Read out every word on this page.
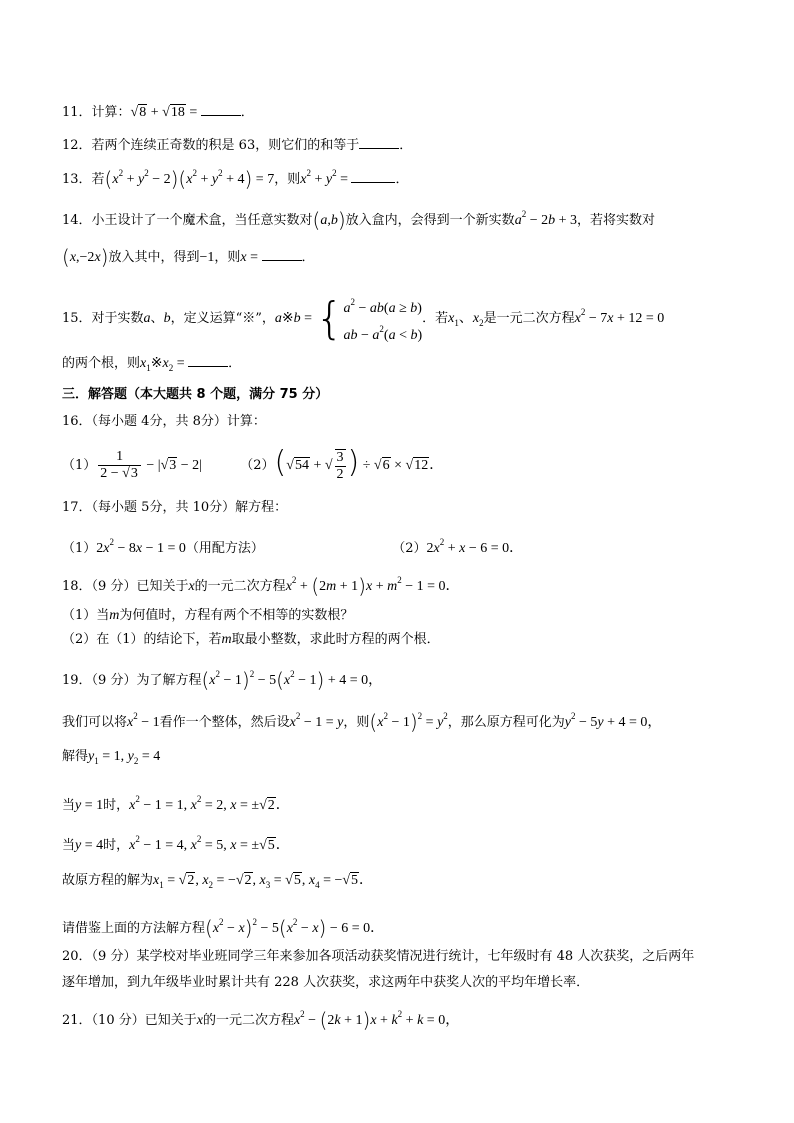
11．计算：√8 + √18 =	．
12．若两个连续正奇数的积是 63，则它们的和等于	．
13．若$(x^2 + y^2 - 2)(x^2 + y^2 + 4) = 7$，则$x^2 + y^2$ =	．
14．小王设计了一个魔术盒，当任意实数对(a,b)放入盒内，会得到一个新实数$a^2 - 2b + 3$，若将实数对
(x,−2x)放入其中，得到−1，则x =	．
15．对于实数a、b，定义运算“※”，a※b = { $a^2 - ab(a \ge b)$
ab − $a^2(a < b)$
．若$x_1$、$x_2$是一元二次方程$x^2 - 7x + 12 = 0$
的两个根，则$x_1※x_2$ =	．
三．解答题（本大题共 8 个题，满分 75 分）
16．（每小题 4分，共 8分）计算：
$(1) \frac{1}{2 - √3} - |√3 - 2|$	（2）(√54 + √ $\frac{3}{2}$ ) ÷ √6 × √12．
17．（每小题 5分，共 10分）解方程：
$(1)2x^2 - 8x - 1 = 0$（用配方法）	$(2)2x^2 + x - 6 = 0$．
18．（9 分）已知关于x的一元二次方程$x^2 + (2m + 1)x + m^2 - 1 = 0$．
（1）当m为何值时，方程有两个不相等的实数根？
（2）在（1）的结论下，若m取最小整数，求此时方程的两个根．
19．（9 分）为了解方程$(x^2 - 1)^2 - 5(x^2 - 1) + 4 = 0$，
我们可以将$x^2 - 1$看作一个整体，然后设$x^2 - 1 = y$，则$(x^2 - 1)^2 = y^2$，那么原方程可化为$y^2 - 5y + 4 = 0$，
解得$y_1 = 1$, $y_2 = 4$
当y = 1时，$x^2 - 1 = 1$, $x^2 = 2$, x = ±√2．
当y = 4时，$x^2 - 1 = 4$, $x^2 = 5$, x = ±√5．
故原方程的解为$x_1 = √2$, $x_2 = -√2$, $x_3 = √5$, $x_4 = -√5$．
请借鉴上面的方法解方程$(x^2 - x)^2 - 5(x^2 - x) - 6 = 0$．
20．（9 分）某学校对毕业班同学三年来参加各项活动获奖情况进行统计，七年级时有 48 人次获奖，之后两年
逐年增加，到九年级毕业时累计共有 228 人次获奖，求这两年中获奖人次的平均年增长率．
21．（10 分）已知关于x的一元二次方程$x^2 - (2k + 1)x + k^2 + k = 0$，
